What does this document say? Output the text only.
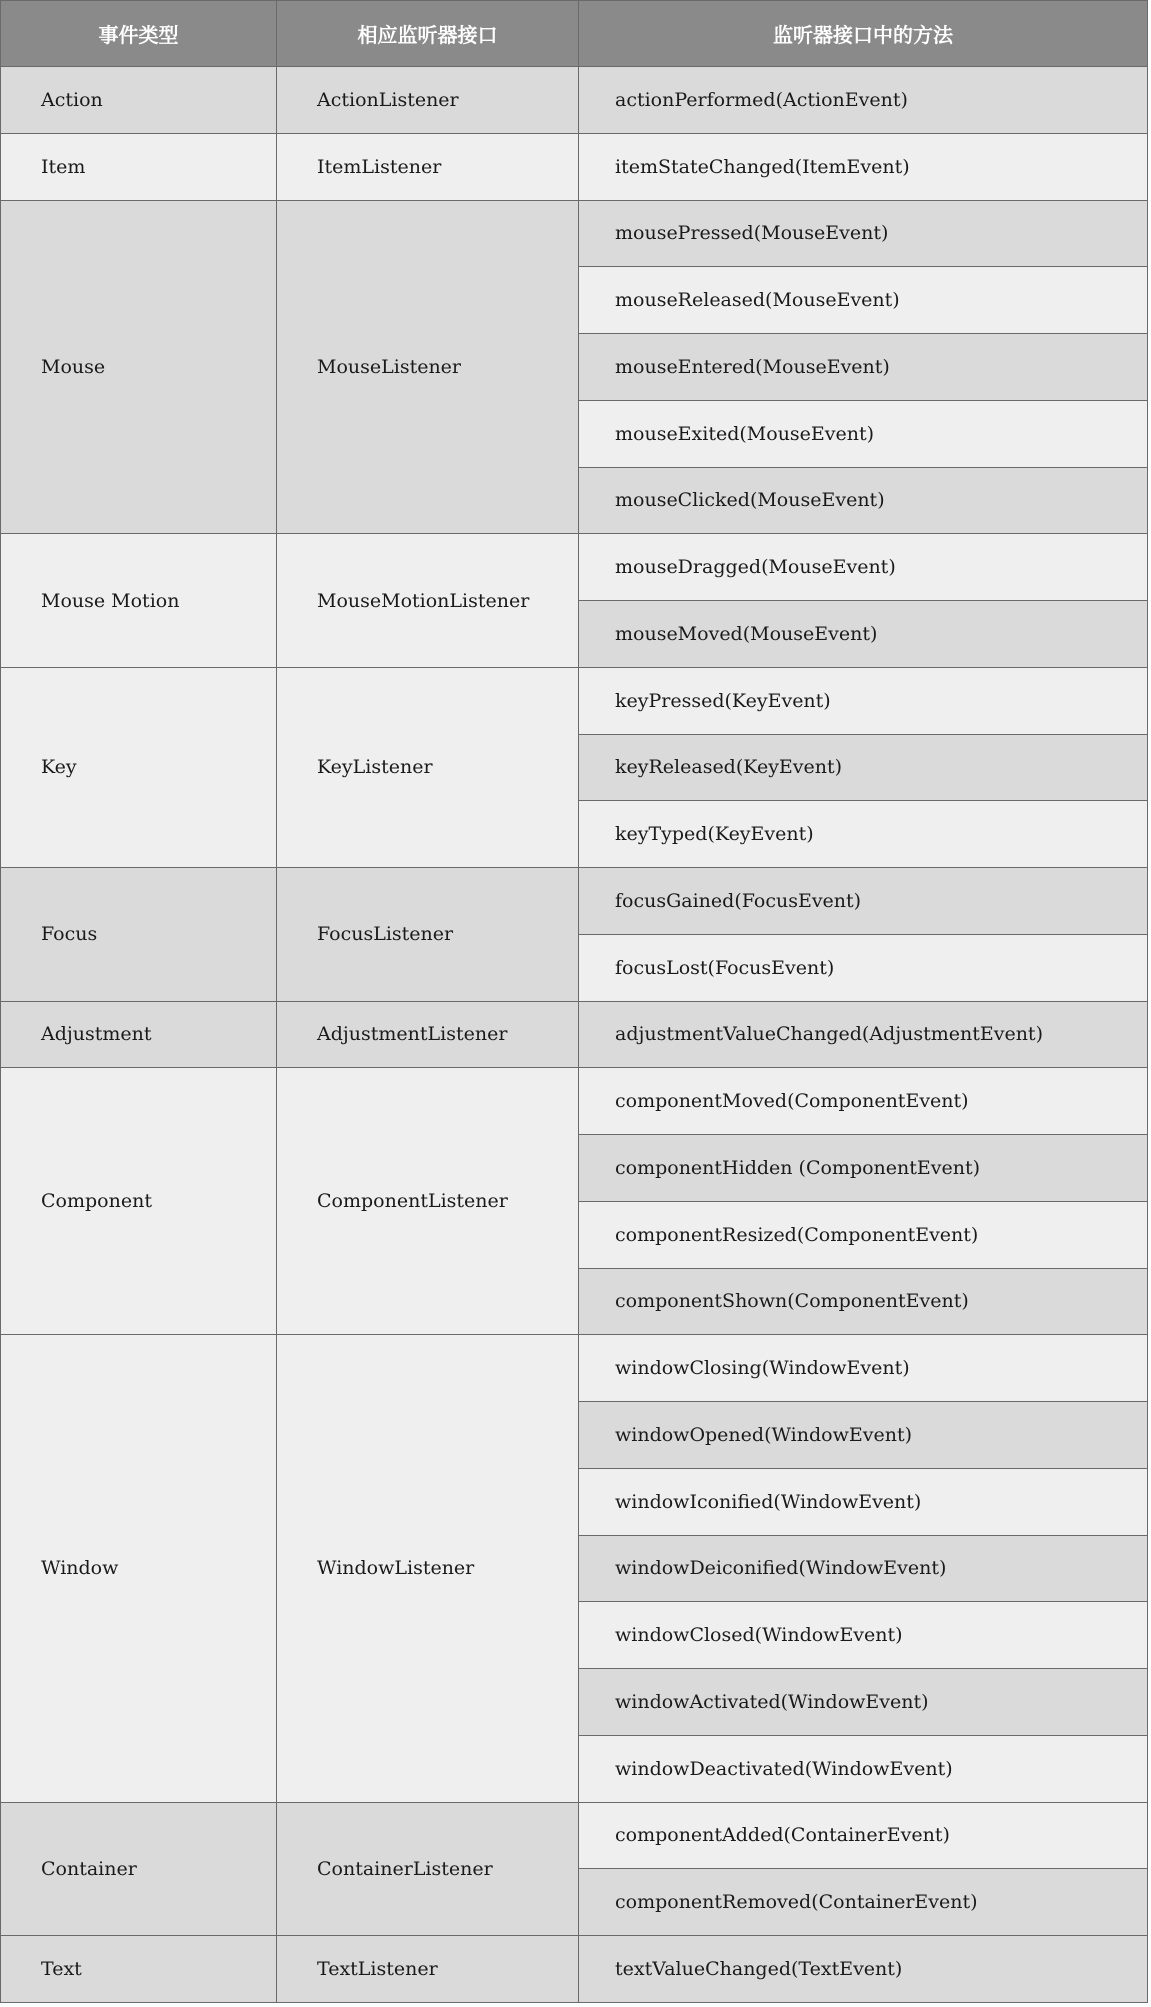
事件类型	相应监听器接口	监听器接口中的方法
Action	ActionListener	actionPerformed(ActionEvent)
Item	ItemListener	itemStateChanged(ItemEvent)
Mouse	MouseListener	mousePressed(MouseEvent)
		mouseReleased(MouseEvent)
		mouseEntered(MouseEvent)
		mouseExited(MouseEvent)
		mouseClicked(MouseEvent)
Mouse Motion	MouseMotionListener	mouseDragged(MouseEvent)
		mouseMoved(MouseEvent)
Key	KeyListener	keyPressed(KeyEvent)
		keyReleased(KeyEvent)
		keyTyped(KeyEvent)
Focus	FocusListener	focusGained(FocusEvent)
		focusLost(FocusEvent)
Adjustment	AdjustmentListener	adjustmentValueChanged(AdjustmentEvent)
Component	ComponentListener	componentMoved(ComponentEvent)
		componentHidden (ComponentEvent)
		componentResized(ComponentEvent)
		componentShown(ComponentEvent)
Window	WindowListener	windowClosing(WindowEvent)
		windowOpened(WindowEvent)
		windowIconified(WindowEvent)
		windowDeiconified(WindowEvent)
		windowClosed(WindowEvent)
		windowActivated(WindowEvent)
		windowDeactivated(WindowEvent)
Container	ContainerListener	componentAdded(ContainerEvent)
		componentRemoved(ContainerEvent)
Text	TextListener	textValueChanged(TextEvent)
